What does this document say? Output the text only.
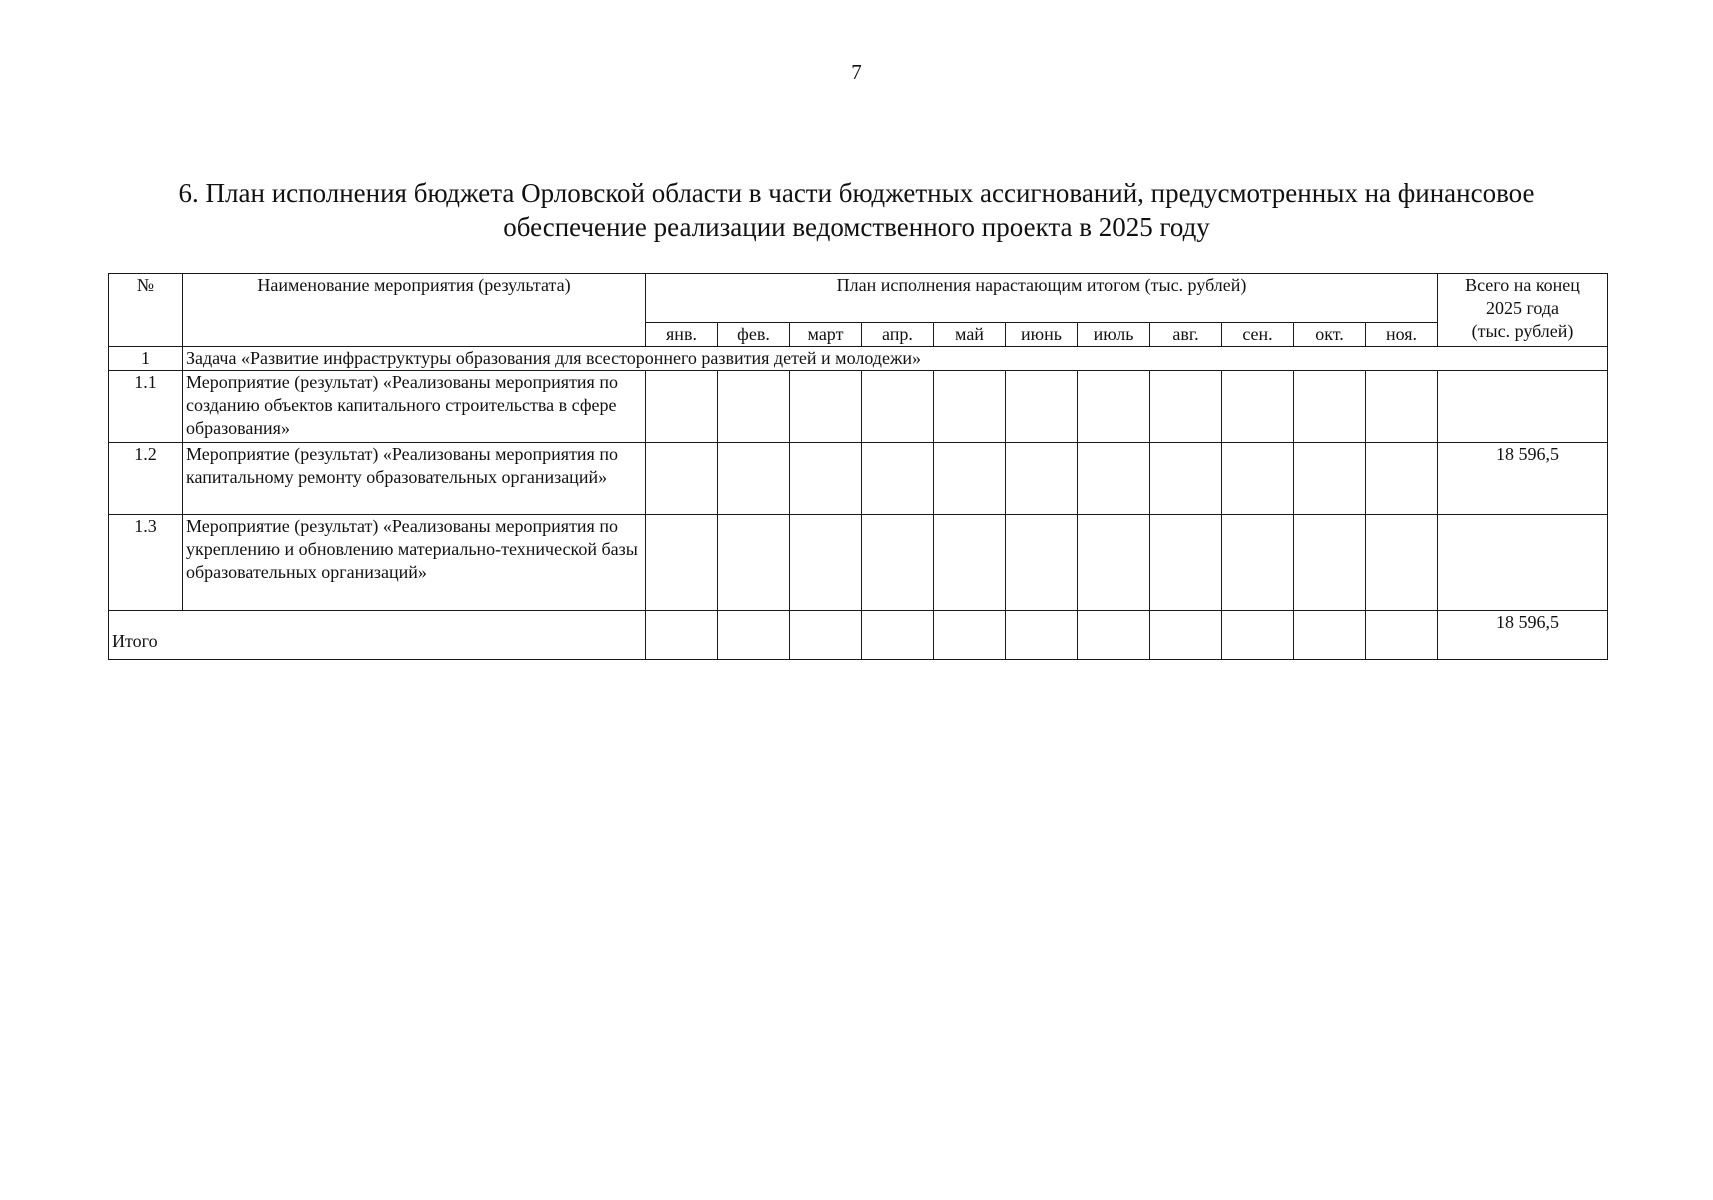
7
6. План исполнения бюджета Орловской области в части бюджетных ассигнований, предусмотренных на финансовое
обеспечение реализации ведомственного проекта в 2025 году
№	Наименование мероприятия (результата)	План исполнения нарастающим итогом (тыс. рублей)											Всего на конец
2025 года
(тыс. рублей)
		янв.	фев.	март	апр.	май	июнь	июль	авг.	сен.	окт.	ноя.	
1	Задача «Развитие инфраструктуры образования для всестороннего развития детей и молодежи»												
1.1	Мероприятие (результат) «Реализованы мероприятия по созданию объектов капитального строительства в сфере образования»												
1.2	Мероприятие (результат) «Реализованы мероприятия по капитальному ремонту образовательных организаций»												18 596,5
1.3	Мероприятие (результат) «Реализованы мероприятия по укреплению и обновлению материально-технической базы образовательных организаций»												
Итого													18 596,5
